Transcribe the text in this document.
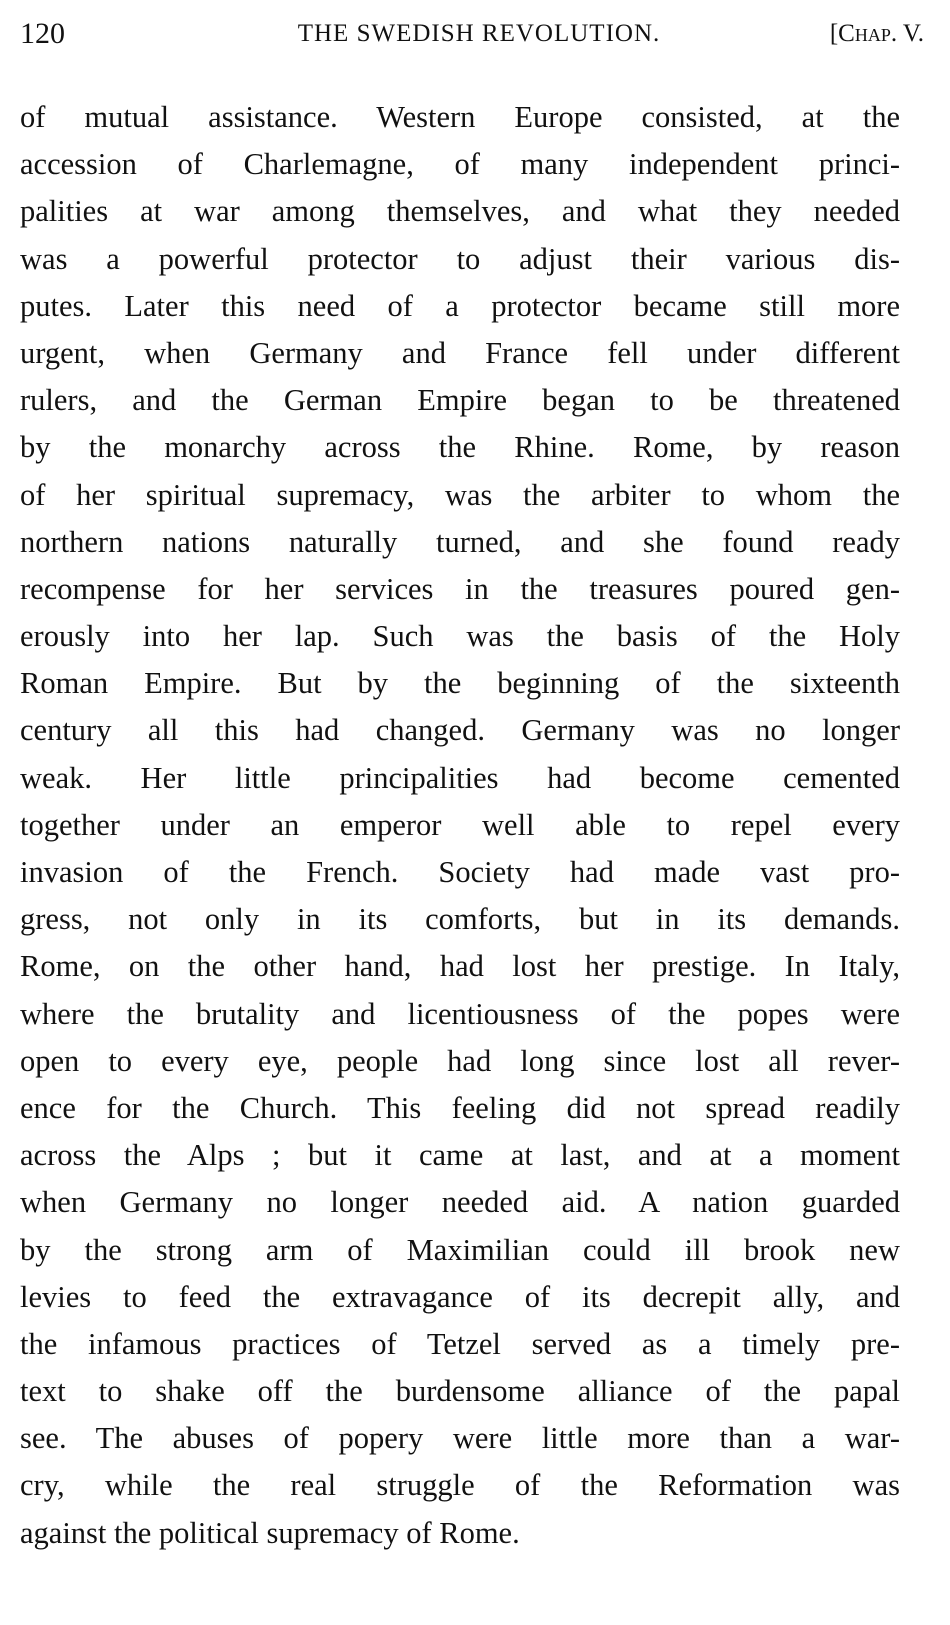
120	THE SWEDISH REVOLUTION.	[Chap. V.
of mutual assistance. Western Europe consisted, at the
accession of Charlemagne, of many independent princi-
palities at war among themselves, and what they needed
was a powerful protector to adjust their various dis-
putes. Later this need of a protector became still more
urgent, when Germany and France fell under different
rulers, and the German Empire began to be threatened
by the monarchy across the Rhine. Rome, by reason
of her spiritual supremacy, was the arbiter to whom the
northern nations naturally turned, and she found ready
recompense for her services in the treasures poured gen-
erously into her lap. Such was the basis of the Holy
Roman Empire. But by the beginning of the sixteenth
century all this had changed. Germany was no longer
weak. Her little principalities had become cemented
together under an emperor well able to repel every
invasion of the French. Society had made vast pro-
gress, not only in its comforts, but in its demands.
Rome, on the other hand, had lost her prestige. In Italy,
where the brutality and licentiousness of the popes were
open to every eye, people had long since lost all rever-
ence for the Church. This feeling did not spread readily
across the Alps ; but it came at last, and at a moment
when Germany no longer needed aid. A nation guarded
by the strong arm of Maximilian could ill brook new
levies to feed the extravagance of its decrepit ally, and
the infamous practices of Tetzel served as a timely pre-
text to shake off the burdensome alliance of the papal
see. The abuses of popery were little more than a war-
cry, while the real struggle of the Reformation was
against the political supremacy of Rome.
